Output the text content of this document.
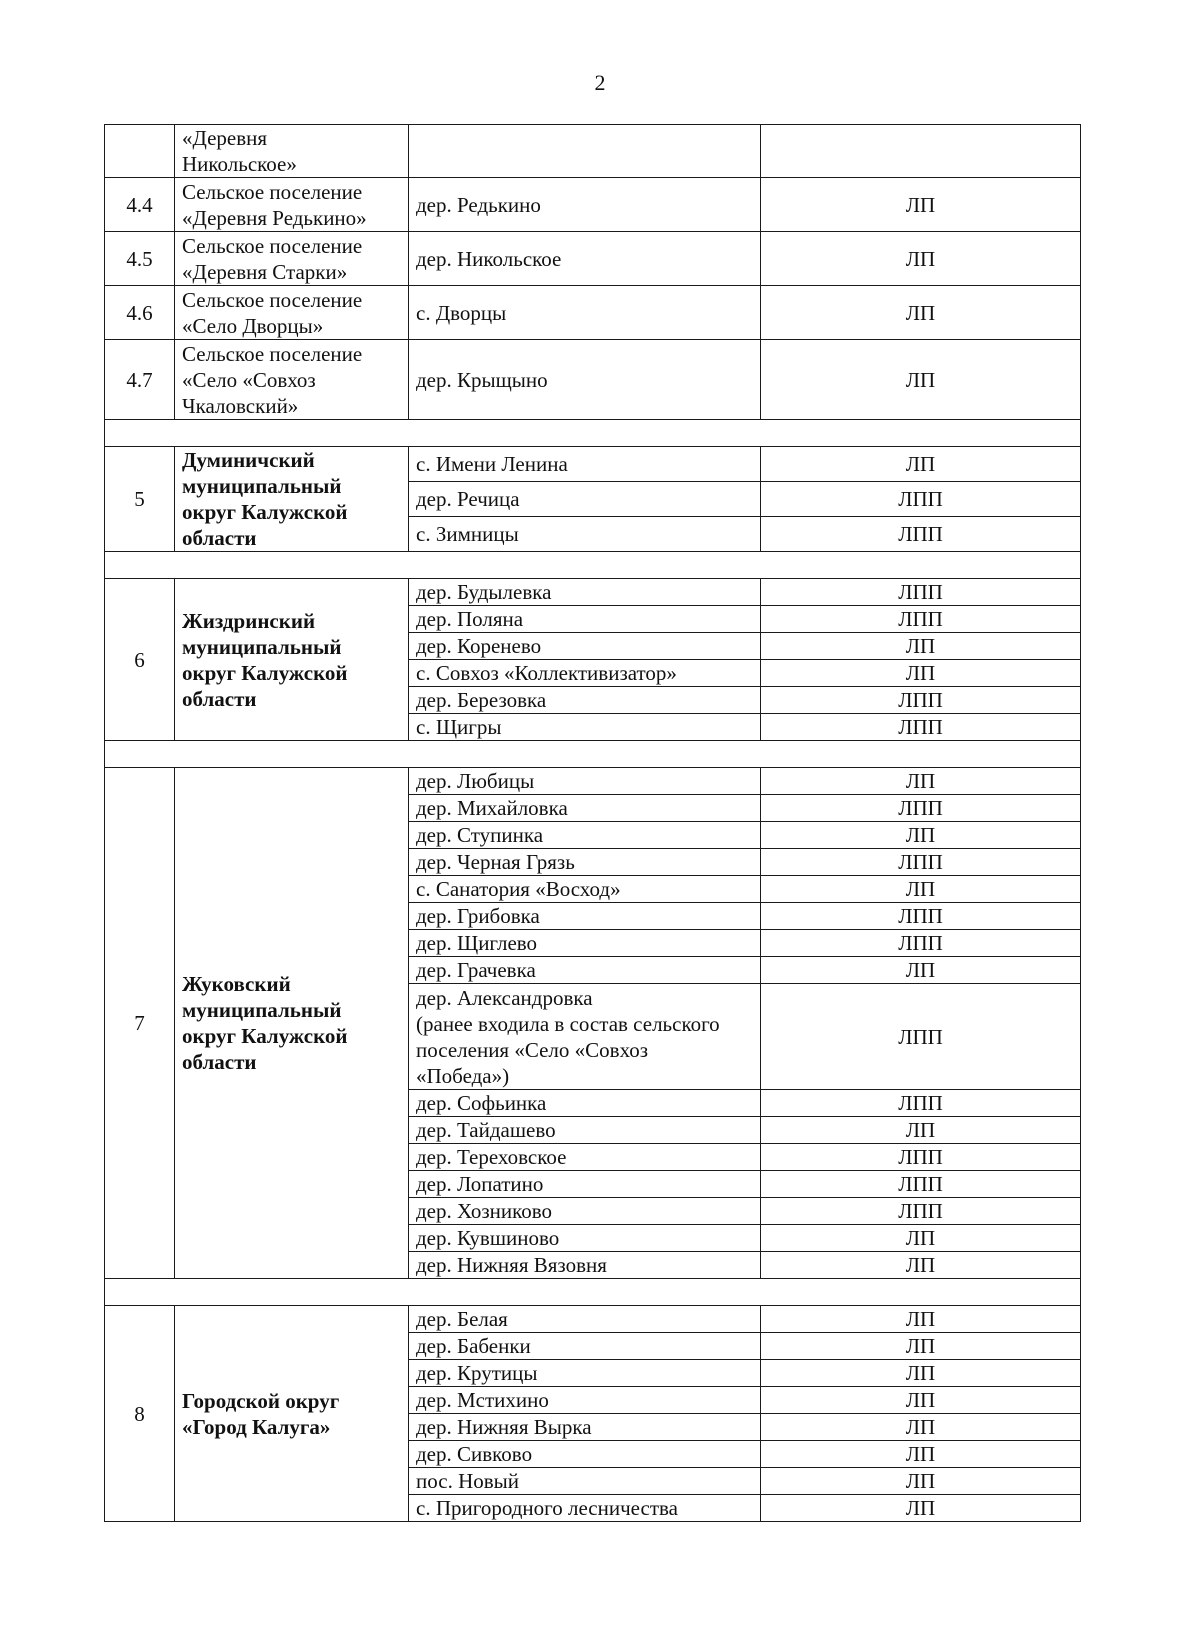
2

	«Деревня
Никольское»		

4.4	Сельское поселение
«Деревня Редькино»	дер. Редькино	ЛП
4.5	Сельское поселение
«Деревня Старки»	дер. Никольское	ЛП
4.6	Сельское поселение
«Село Дворцы»	с. Дворцы	ЛП
4.7	Сельское поселение
«Село «Совхоз
Чкаловский»	дер. Крыщыно	ЛП

5	Думиничский
муниципальный
округ Калужской
области	с. Имени Ленина	ЛП

		дер. Речица	ЛПП

		с. Зимницы	ЛПП

6	Жиздринский
муниципальный
округ Калужской
области	дер. Будылевка	ЛПП

		дер. Поляна	ЛПП

		дер. Коренево	ЛП

		с. Совхоз «Коллективизатор»	ЛП

		дер. Березовка	ЛПП

		с. Щигры	ЛПП

7	Жуковский
муниципальный
округ Калужской
области	дер. Любицы	ЛП

		дер. Михайловка	ЛПП

		дер. Ступинка	ЛП

		дер. Черная Грязь	ЛПП

		с. Санатория «Восход»	ЛП

		дер. Грибовка	ЛПП

		дер. Щиглево	ЛПП

		дер. Грачевка	ЛП

		дер. Александровка
(ранее входила в состав сельского
поселения «Село «Совхоз
«Победа»)	ЛПП

		дер. Софьинка	ЛПП

		дер. Тайдашево	ЛП

		дер. Тереховское	ЛПП

		дер. Лопатино	ЛПП

		дер. Хозниково	ЛПП

		дер. Кувшиново	ЛП

		дер. Нижняя Вязовня	ЛП

8	Городской округ
«Город Калуга»	дер. Белая	ЛП

		дер. Бабенки	ЛП

		дер. Крутицы	ЛП

		дер. Мстихино	ЛП

		дер. Нижняя Вырка	ЛП

		дер. Сивково	ЛП

		пос. Новый	ЛП

		с. Пригородного лесничества	ЛП
